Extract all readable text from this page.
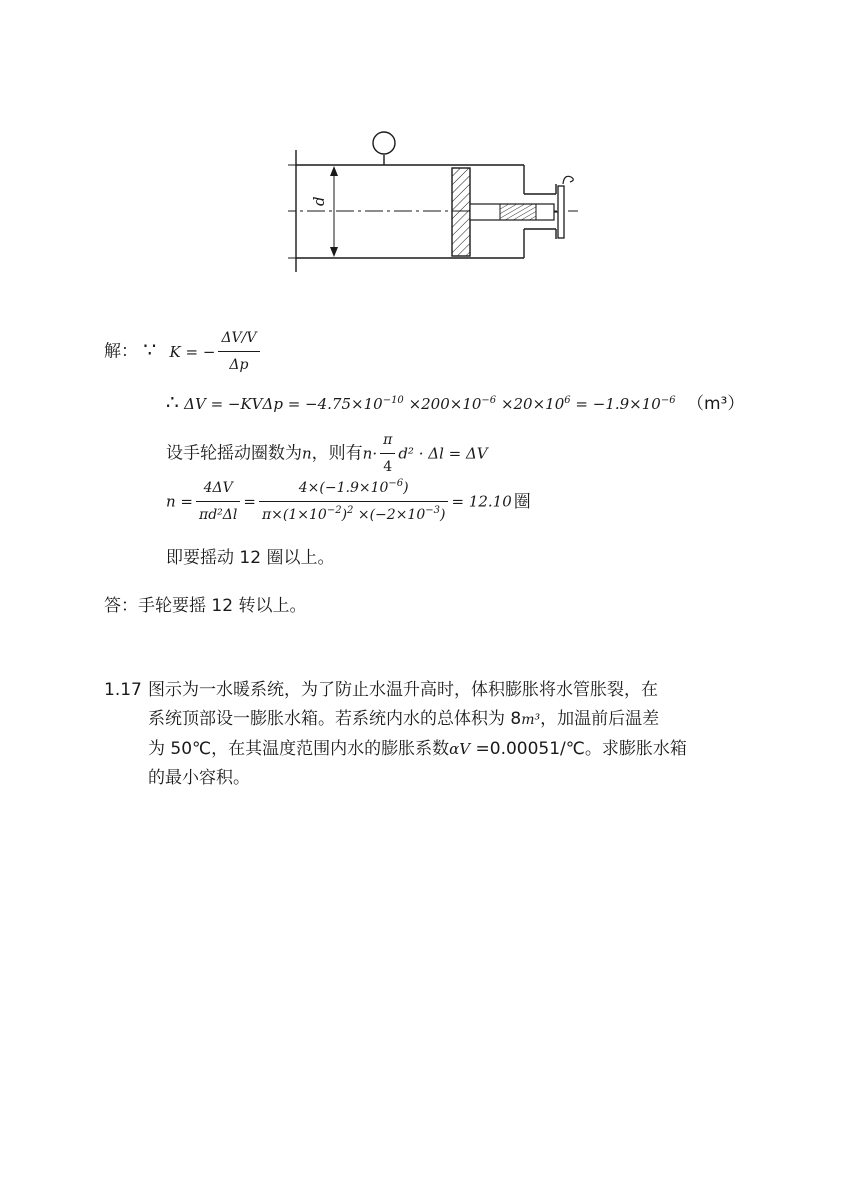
d
解： ∵ K = − $\frac{\Delta V/V}{\Delta p}$
∴ $\Delta V = -KV\Delta p = -4.75\times 10^{-10} \times 200\times 10^{-6} \times 20\times 10^6 = -1.9\times 10^{-6}$ （m³）
设手轮摇动圈数为n，则有$n\cdot \frac{\pi}{4} d^2 \cdot \Delta l = \Delta V$
$n = \frac{4\Delta V}{\text{πd²Δl}} = \frac{4\times(-1.9\times 10^{-6})}{\pi\times(1\times 10^{-2})^2 \times(-2\times 10^{-3})} = 12.10$ 圈
即要摇动 12 圈以上。
答：手轮要摇 12 转以上。
1.17 图示为一水暖系统，为了防止水温升高时，体积膨胀将水管胀裂，在
系统顶部设一膨胀水箱。若系统内水的总体积为 8m³，加温前后温差
为 50℃，在其温度范围内水的膨胀系数αV =0.00051/℃。求膨胀水箱
的最小容积。
